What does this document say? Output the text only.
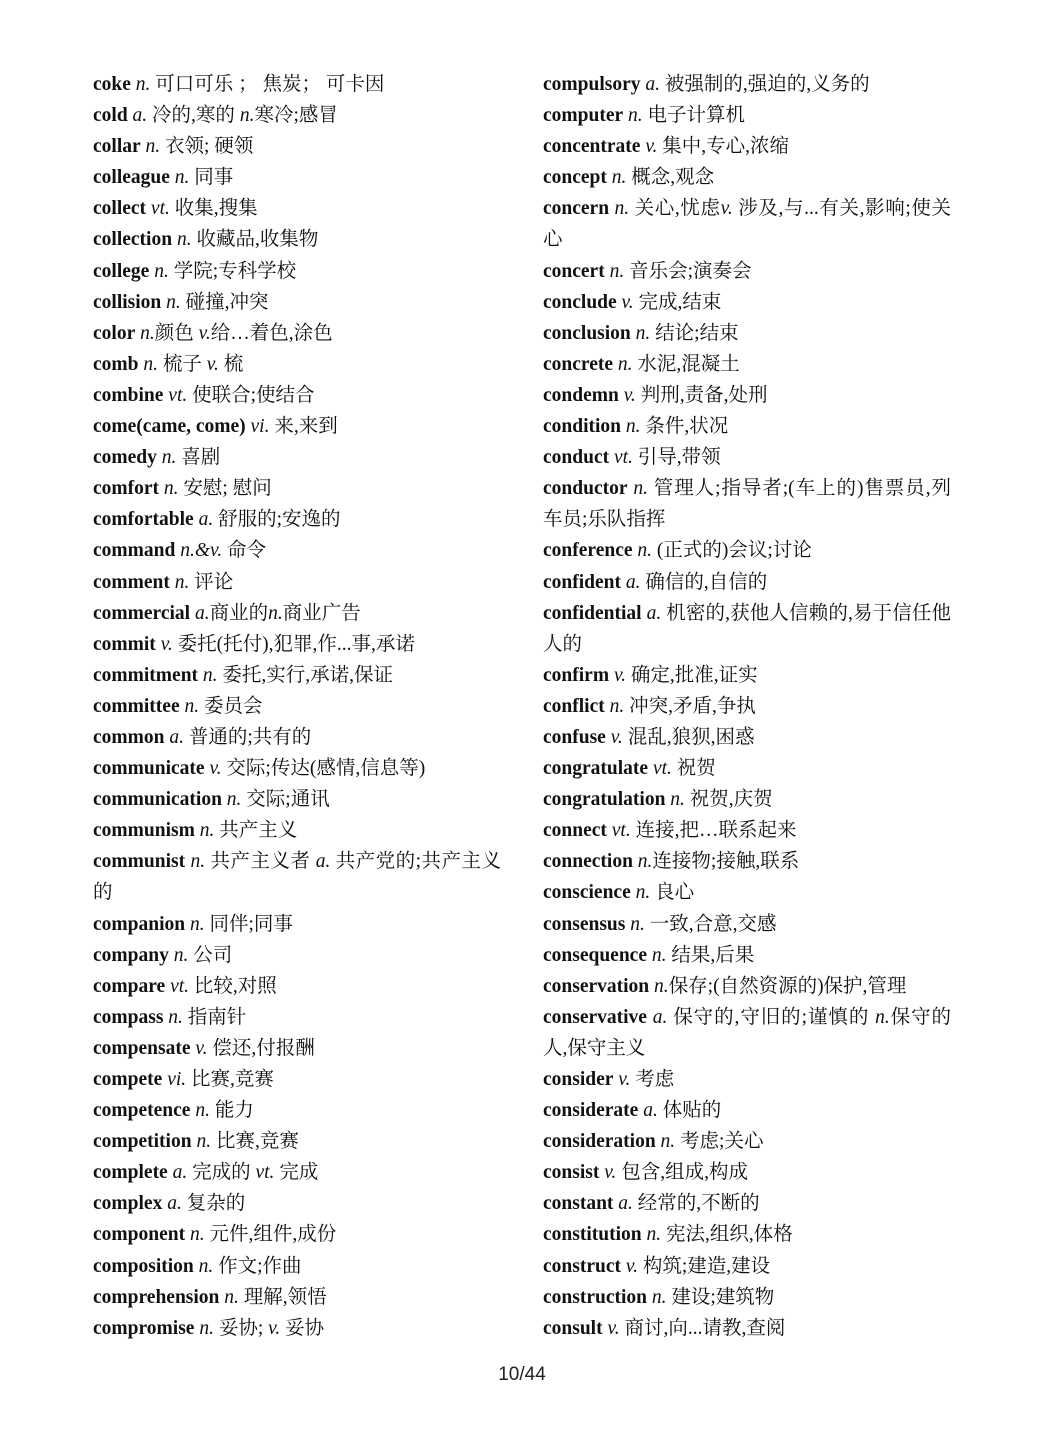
coke n. 可口可乐 ； 焦炭； 可卡因
cold a. 冷的,寒的 n.寒冷;感冒
collar n. 衣领; 硬领
colleague n. 同事
collect vt. 收集,搜集
collection n. 收藏品,收集物
college n. 学院;专科学校
collision n. 碰撞,冲突
color n.颜色 v.给…着色,涂色
comb n. 梳子 v. 梳
combine vt. 使联合;使结合
come(came, come) vi. 来,来到
comedy n. 喜剧
comfort n. 安慰; 慰问
comfortable a. 舒服的;安逸的
command n.&v. 命令
comment n. 评论
commercial a.商业的n.商业广告
commit v. 委托(托付),犯罪,作...事,承诺
commitment n. 委托,实行,承诺,保证
committee n. 委员会
common a. 普通的;共有的
communicate v. 交际;传达(感情,信息等)
communication n. 交际;通讯
communism n. 共产主义
communist n. 共产主义者 a. 共产党的;共产主义的
companion n. 同伴;同事
company n. 公司
compare vt. 比较,对照
compass n. 指南针
compensate v. 偿还,付报酬
compete vi. 比赛,竞赛
competence n. 能力
competition n. 比赛,竞赛
complete a. 完成的 vt. 完成
complex a. 复杂的
component n. 元件,组件,成份
composition n. 作文;作曲
comprehension n. 理解,领悟
compromise n. 妥协; v. 妥协
compulsory a. 被强制的,强迫的,义务的
computer n. 电子计算机
concentrate v. 集中,专心,浓缩
concept n. 概念,观念
concern n. 关心,忧虑v. 涉及,与...有关,影响;使关心
concert n. 音乐会;演奏会
conclude v. 完成,结束
conclusion n. 结论;结束
concrete n. 水泥,混凝土
condemn v. 判刑,责备,处刑
condition n. 条件,状况
conduct vt. 引导,带领
conductor n. 管理人;指导者;(车上的)售票员,列车员;乐队指挥
conference n. (正式的)会议;讨论
confident a. 确信的,自信的
confidential a. 机密的,获他人信赖的,易于信任他人的
confirm v. 确定,批准,证实
conflict n. 冲突,矛盾,争执
confuse v. 混乱,狼狈,困惑
congratulate vt. 祝贺
congratulation n. 祝贺,庆贺
connect vt. 连接,把…联系起来
connection n.连接物;接触,联系
conscience n. 良心
consensus n. 一致,合意,交感
consequence n. 结果,后果
conservation n.保存;(自然资源的)保护,管理
conservative a. 保守的,守旧的;谨慎的 n.保守的人,保守主义
consider v. 考虑
considerate a. 体贴的
consideration n. 考虑;关心
consist v. 包含,组成,构成
constant a. 经常的,不断的
constitution n. 宪法,组织,体格
construct v. 构筑;建造,建设
construction n. 建设;建筑物
consult v. 商讨,向...请教,查阅
10/44
